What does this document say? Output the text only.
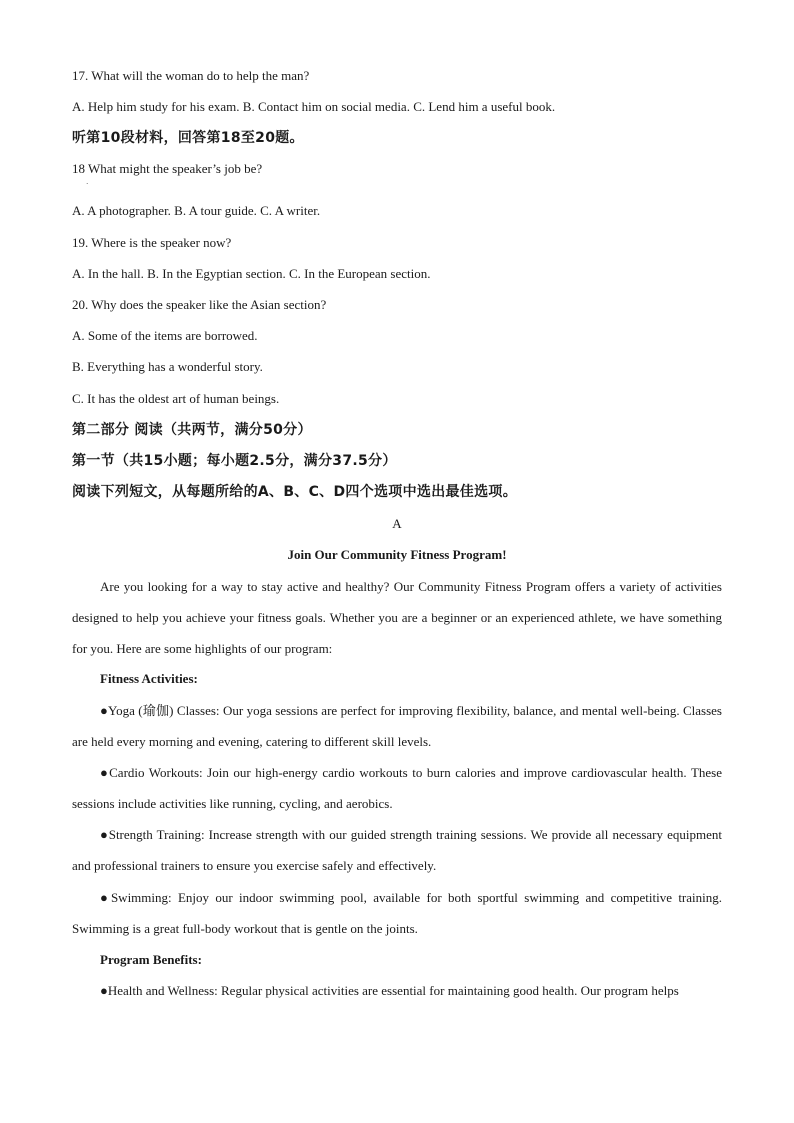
17. What will the woman do to help the man?
A. Help him study for his exam. B. Contact him on social media. C. Lend him a useful book.
听第10段材料，回答第18至20题。
18 What might the speaker’s job be?
·
A. A photographer. B. A tour guide. C. A writer.
19. Where is the speaker now?
A. In the hall. B. In the Egyptian section. C. In the European section.
20. Why does the speaker like the Asian section?
A. Some of the items are borrowed.
B. Everything has a wonderful story.
C. It has the oldest art of human beings.
第二部分 阅读（共两节，满分50分）
第一节（共15小题；每小题2.5分，满分37.5分）
阅读下列短文，从每题所给的A、B、C、D四个选项中选出最佳选项。
A
Join Our Community Fitness Program!
Are you looking for a way to stay active and healthy? Our Community Fitness Program offers a variety of activities designed to help you achieve your fitness goals. Whether you are a beginner or an experienced athlete, we have something for you. Here are some highlights of our program:
Fitness Activities:
●Yoga (瑜伽) Classes: Our yoga sessions are perfect for improving flexibility, balance, and mental well-being. Classes are held every morning and evening, catering to different skill levels.
●Cardio Workouts: Join our high-energy cardio workouts to burn calories and improve cardiovascular health. These sessions include activities like running, cycling, and aerobics.
●Strength Training: Increase strength with our guided strength training sessions. We provide all necessary equipment and professional trainers to ensure you exercise safely and effectively.
●Swimming: Enjoy our indoor swimming pool, available for both sportful swimming and competitive training. Swimming is a great full-body workout that is gentle on the joints.
Program Benefits:
●Health and Wellness: Regular physical activities are essential for maintaining good health. Our program helps
